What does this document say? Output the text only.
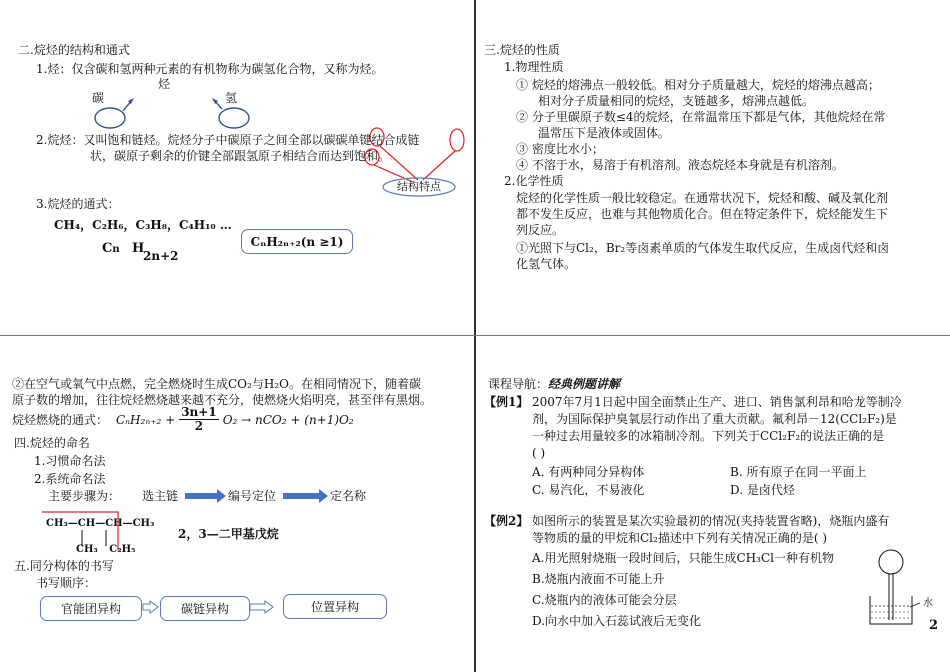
二.烷烃的结构和通式
1.烃：仅含碳和氢两种元素的有机物称为碳氢化合物，又称为烃。
烃
碳	氢
2.烷烃：又叫饱和链烃。烷烃分子中碳原子之间全部以碳碳单键结合成链
状，碳原子剩余的价键全部跟氢原子相结合而达到饱和。
结构特点
3.烷烃的通式：
CH₄，C₂H₆，C₃H₈，C₄H₁₀ …
Cn H
2n+2
CₙH₂ₙ₊₂(n ≥1)
三.烷烃的性质
1.物理性质
① 烷烃的熔沸点一般较低。相对分子质量越大，烷烃的熔沸点越高；
相对分子质量相同的烷烃，支链越多，熔沸点越低。
② 分子里碳原子数≤4的烷烃，在常温常压下都是气体，其他烷烃在常
温常压下是液体或固体。
③ 密度比水小；
④ 不溶于水，易溶于有机溶剂。液态烷烃本身就是有机溶剂。
2.化学性质
烷烃的化学性质一般比较稳定。在通常状况下，烷烃和酸、碱及氧化剂
都不发生反应，也难与其他物质化合。但在特定条件下，烷烃能发生下
列反应。
①光照下与Cl₂，Br₂等卤素单质的气体发生取代反应，生成卤代烃和卤
化氢气体。
②在空气或氧气中点燃，完全燃烧时生成CO₂与H₂O。在相同情况下，随着碳
原子数的增加，往往烷烃燃烧越来越不充分，使燃烧火焰明亮，甚至伴有黑烟。
烷烃燃烧的通式： $C_nH_{2n+2} + \frac{3n+1}{2} O_2 \to nCO_2 + (n+1)O_2$
四.烷烃的命名
1.习惯命名法
2.系统命名法
主要步骤为： 选主链	编号定位	定名称
CH₃—CH—CH—CH₃
CH₃ C₂H₅
2，3—二甲基戊烷
五.同分构体的书写
书写顺序：
官能团异构	碳链异构	位置异构
课程导航：经典例题讲解
【例1】 2007年7月1日起中国全面禁止生产、进口、销售氯利昂和哈龙等制冷
剂，为国际保护臭氧层行动作出了重大贡献。氟利昂－12(CCl₂F₂)是
一种过去用量较多的冰箱制冷剂。下列关于CCl₂F₂的说法正确的是
( )
A. 有两种同分异构体	B. 所有原子在同一平面上
C. 易汽化，不易液化	D. 是卤代烃
【例2】 如图所示的装置是某次实验最初的情况(夹持装置省略)，烧瓶内盛有
等物质的量的甲烷和Cl₂描述中下列有关情况正确的是( )
A.用光照射烧瓶一段时间后，只能生成CH₃Cl一种有机物
B.烧瓶内液面不可能上升
C.烧瓶内的液体可能会分层
D.向水中加入石蕊试液后无变化
水
2
